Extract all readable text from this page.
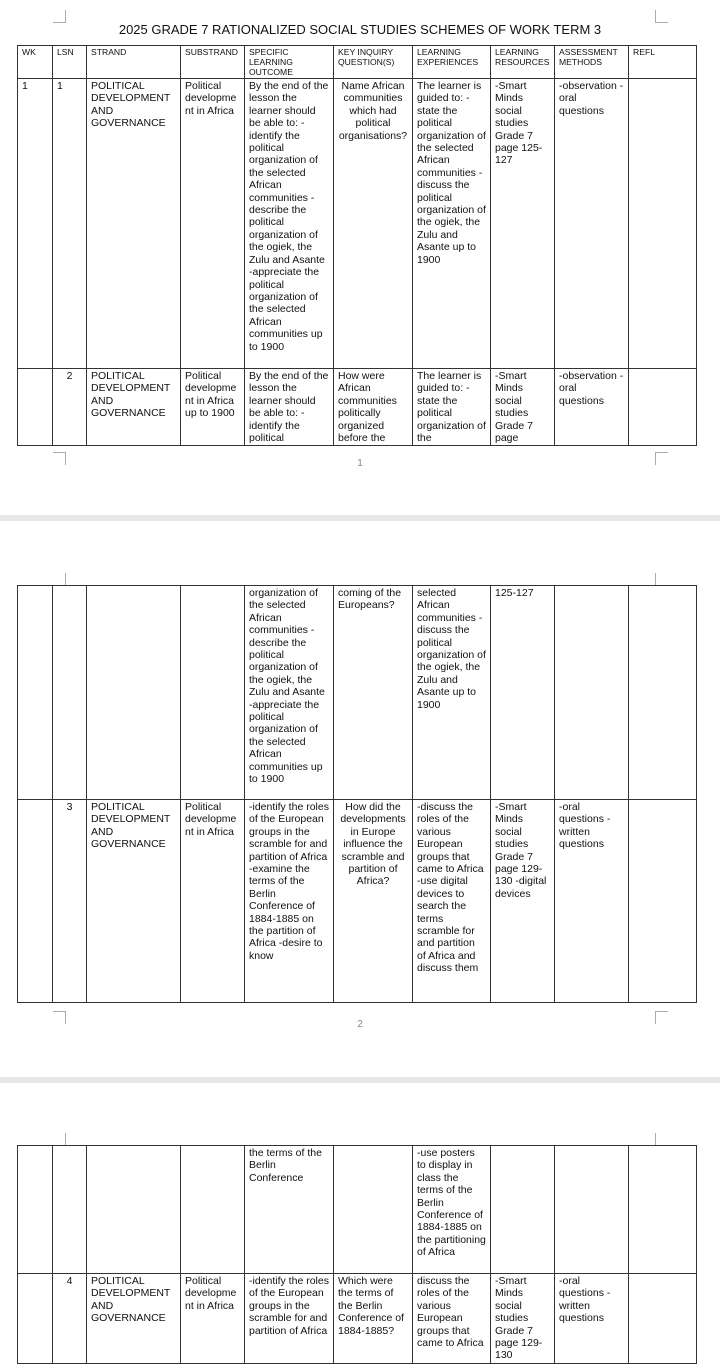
2025 GRADE 7 RATIONALIZED SOCIAL STUDIES SCHEMES OF WORK TERM 3
WK	LSN	STRAND	SUBSTRAND	SPECIFIC LEARNING OUTCOME	KEY INQUIRY QUESTION(S)	LEARNING EXPERIENCES	LEARNING RESOURCES	ASSESSMENT METHODS	REFL
1	1	POLITICAL DEVELOPMENT AND GOVERNANCE	Political development in Africa	By the end of the lesson the learner should be able to: -identify the political organization of the selected African communities -describe the political organization of the ogiek, the Zulu and Asante -appreciate the political organization of the selected African communities up to 1900	Name African communities which had political organisations?	The learner is guided to: -state the political organization of the selected African communities -discuss the political organization of the ogiek, the Zulu and Asante up to 1900	-Smart Minds social studies Grade 7 page 125-127	-observation -oral questions	
	2	POLITICAL DEVELOPMENT AND GOVERNANCE	Political development in Africa up to 1900	By the end of the lesson the learner should be able to: -identify the political	How were African communities politically organized before the	The learner is guided to: -state the political organization of the	-Smart Minds social studies Grade 7 page	-observation -oral questions	
1
				organization of the selected African communities -describe the political organization of the ogiek, the Zulu and Asante -appreciate the political organization of the selected African communities up to 1900	coming of the Europeans?	selected African communities -discuss the political organization of the ogiek, the Zulu and Asante up to 1900	125-127		
	3	POLITICAL DEVELOPMENT AND GOVERNANCE	Political development in Africa	-identify the roles of the European groups in the scramble for and partition of Africa -examine the terms of the Berlin Conference of 1884-1885 on the partition of Africa -desire to know	How did the developments in Europe influence the scramble and partition of Africa?	-discuss the roles of the various European groups that came to Africa -use digital devices to search the terms scramble for and partition of Africa and discuss them	-Smart Minds social studies Grade 7 page 129-130 -digital devices	-oral questions -written questions	
2
				the terms of the Berlin Conference		-use posters to display in class the terms of the Berlin Conference of 1884-1885 on the partitioning of Africa			
	4	POLITICAL DEVELOPMENT AND GOVERNANCE	Political development in Africa	-identify the roles of the European groups in the scramble for and partition of Africa	Which were the terms of the Berlin Conference of 1884-1885?	discuss the roles of the various European groups that came to Africa	-Smart Minds social studies Grade 7 page 129-130	-oral questions -written questions	
